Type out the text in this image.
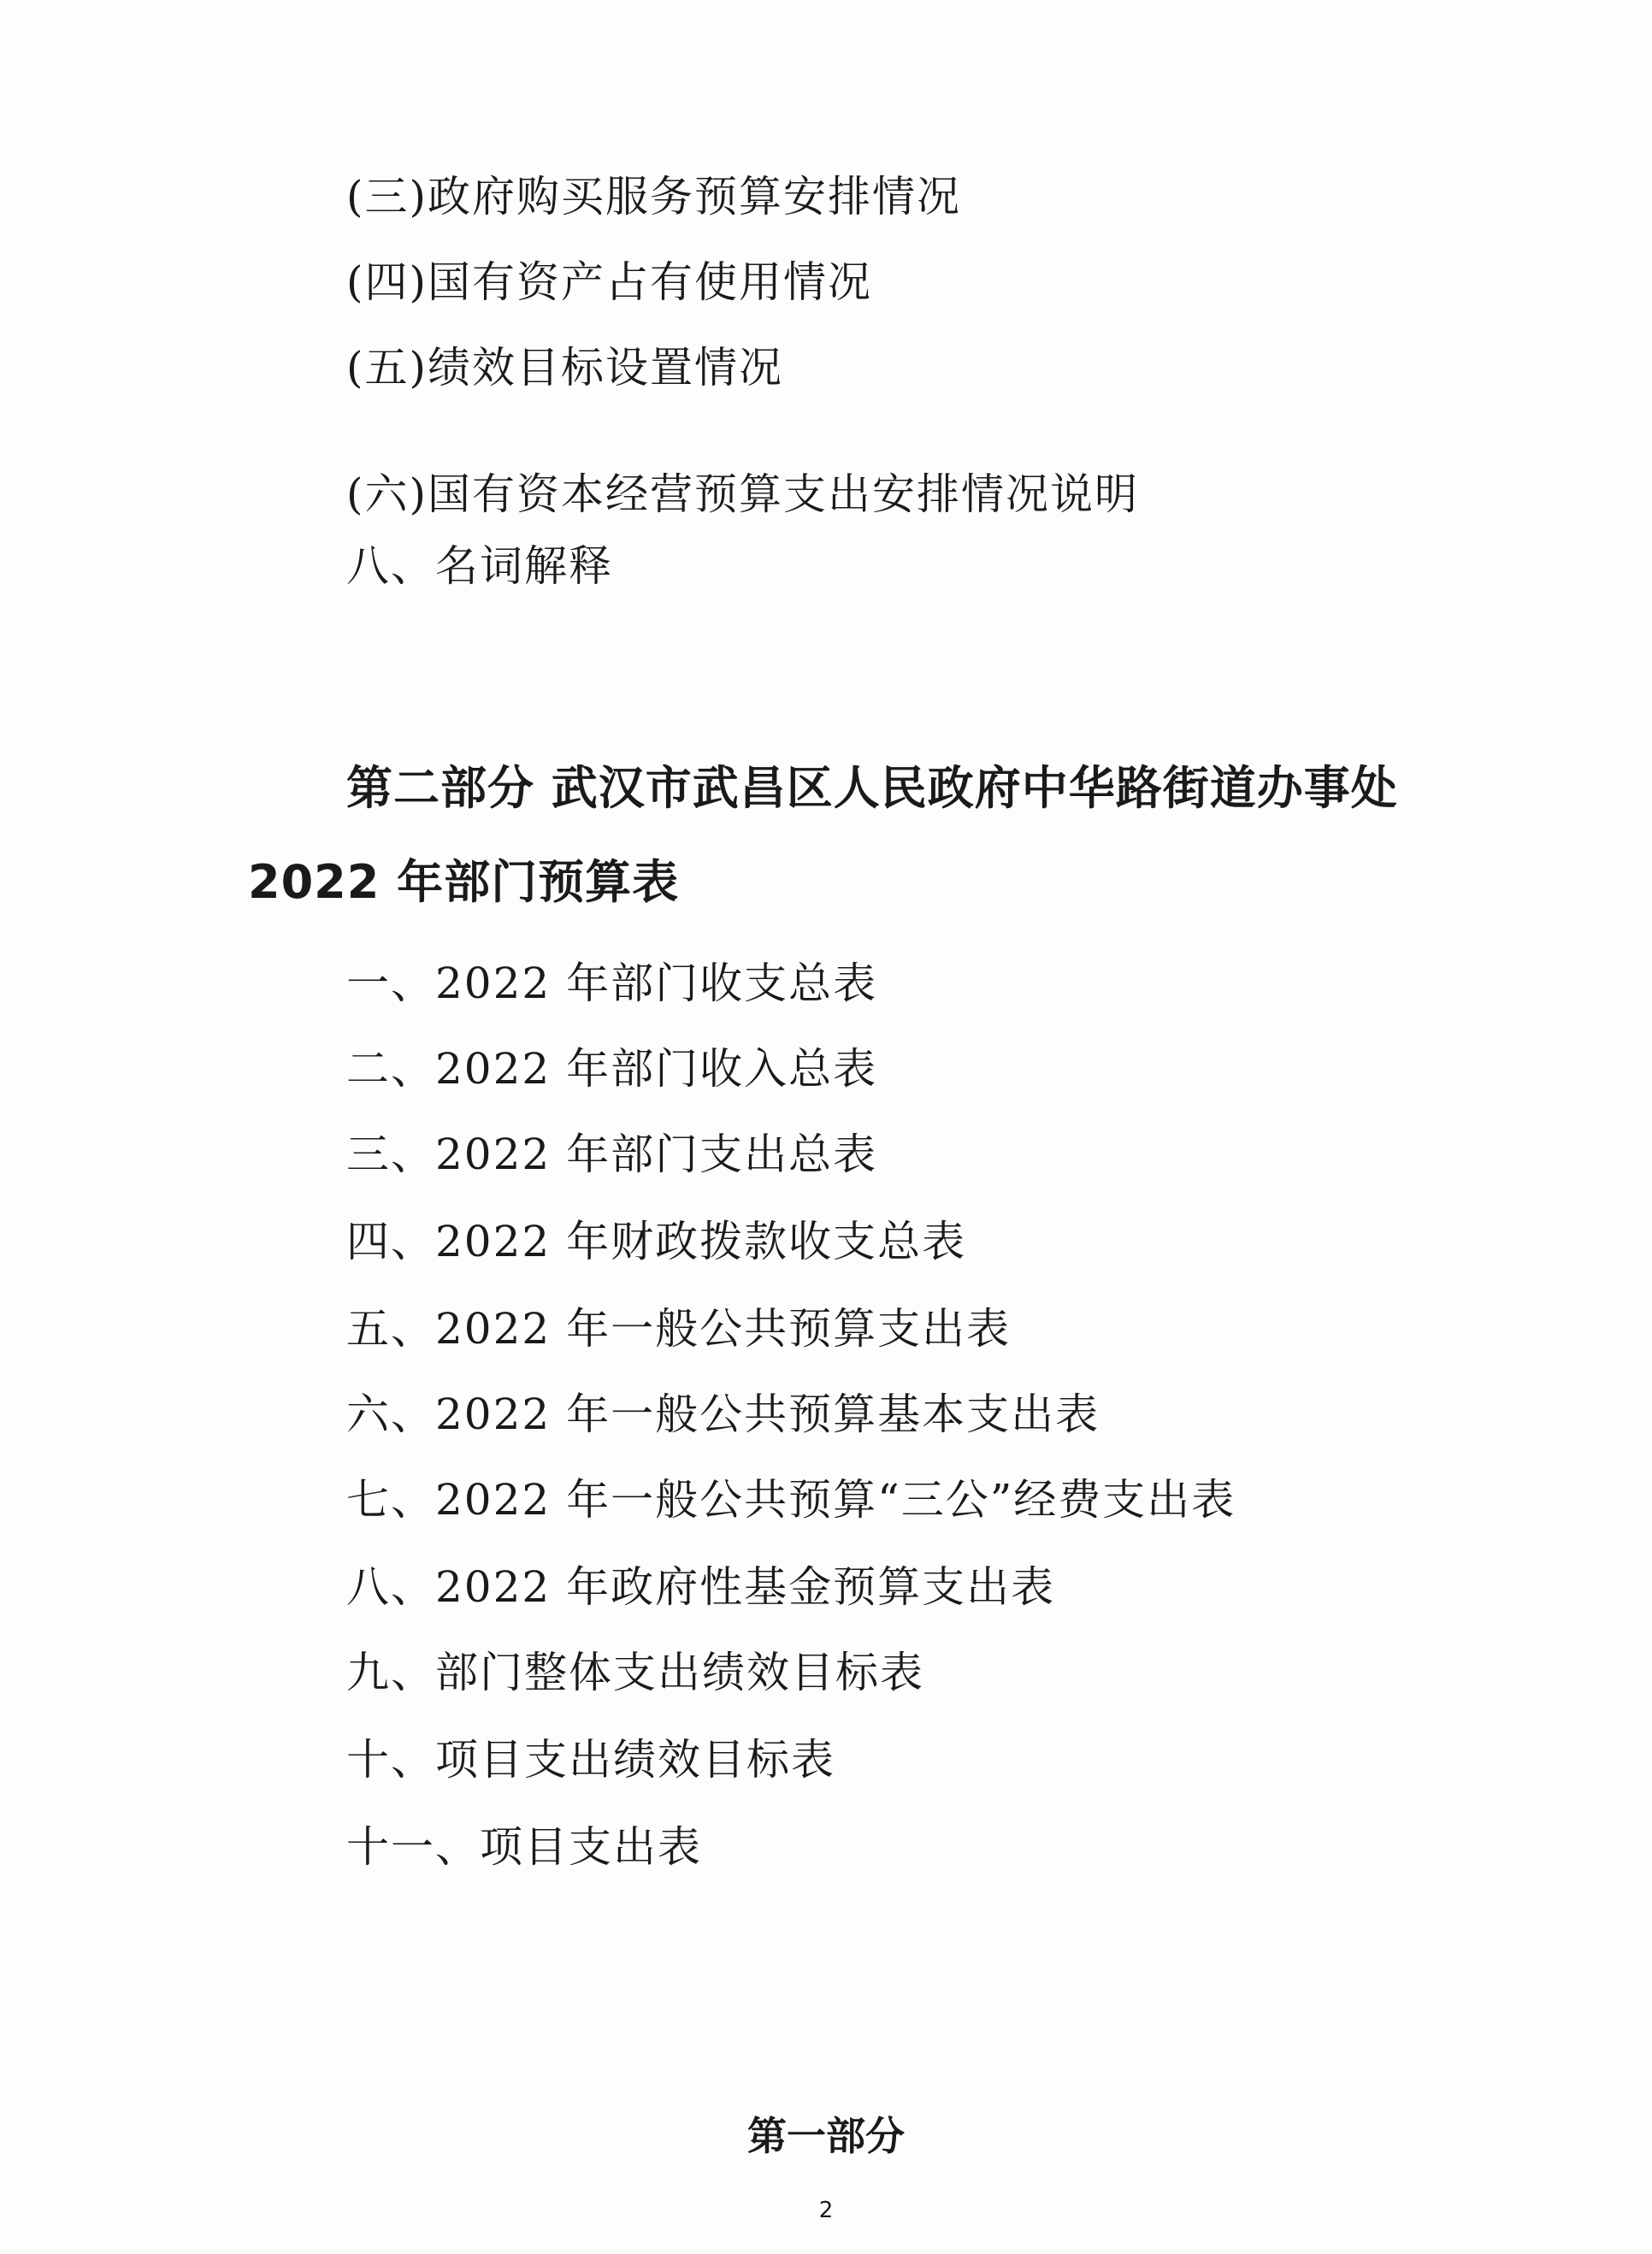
(三)政府购买服务预算安排情况
(四)国有资产占有使用情况
(五)绩效目标设置情况
(六)国有资本经营预算支出安排情况说明
八、名词解释
第二部分 武汉市武昌区人民政府中华路街道办事处
2022 年部门预算表
一、2022 年部门收支总表
二、2022 年部门收入总表
三、2022 年部门支出总表
四、2022 年财政拨款收支总表
五、2022 年一般公共预算支出表
六、2022 年一般公共预算基本支出表
七、2022 年一般公共预算“三公”经费支出表
八、2022 年政府性基金预算支出表
九、部门整体支出绩效目标表
十、项目支出绩效目标表
十一、项目支出表
第一部分
2
